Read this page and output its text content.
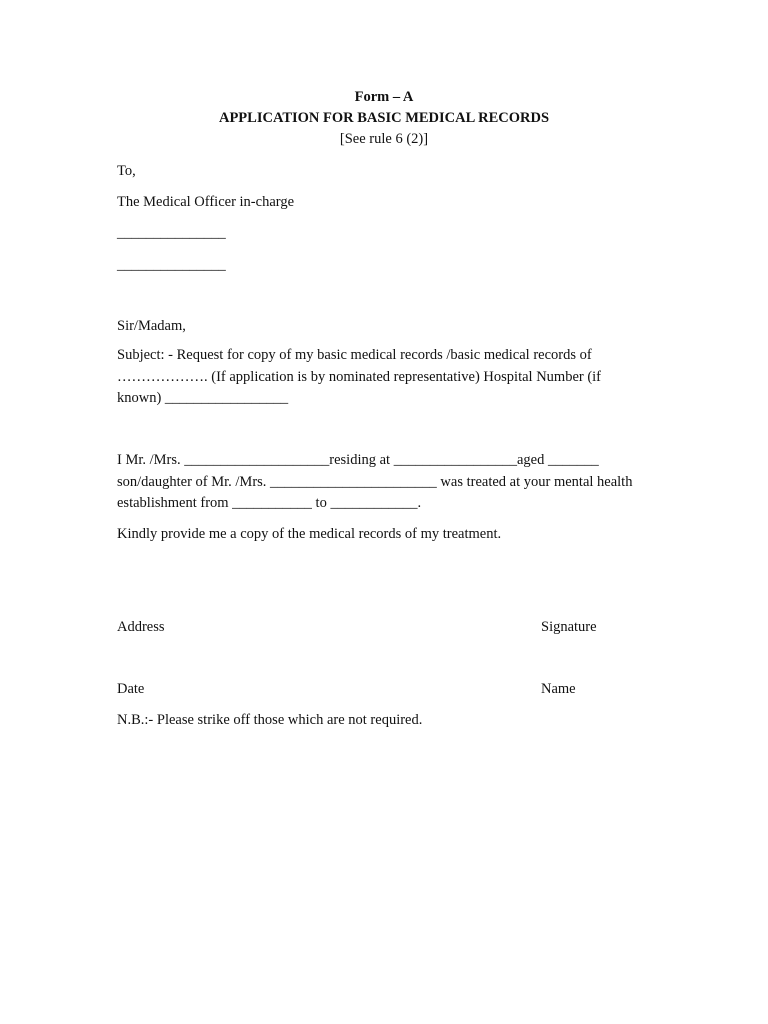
Form – A
APPLICATION FOR BASIC MEDICAL RECORDS
[See rule 6 (2)]
To,
The Medical Officer in-charge
_______________
_______________
Sir/Madam,
Subject: - Request for copy of my basic medical records /basic medical records of ………………. (If application is by nominated representative) Hospital Number (if known) _________________
I Mr. /Mrs. ____________________residing at _________________aged _______ son/daughter of Mr. /Mrs. _______________________ was treated at your mental health establishment from ___________ to ____________.
Kindly provide me a copy of the medical records of my treatment.
Address	Signature
Date	Name
N.B.:- Please strike off those which are not required.
